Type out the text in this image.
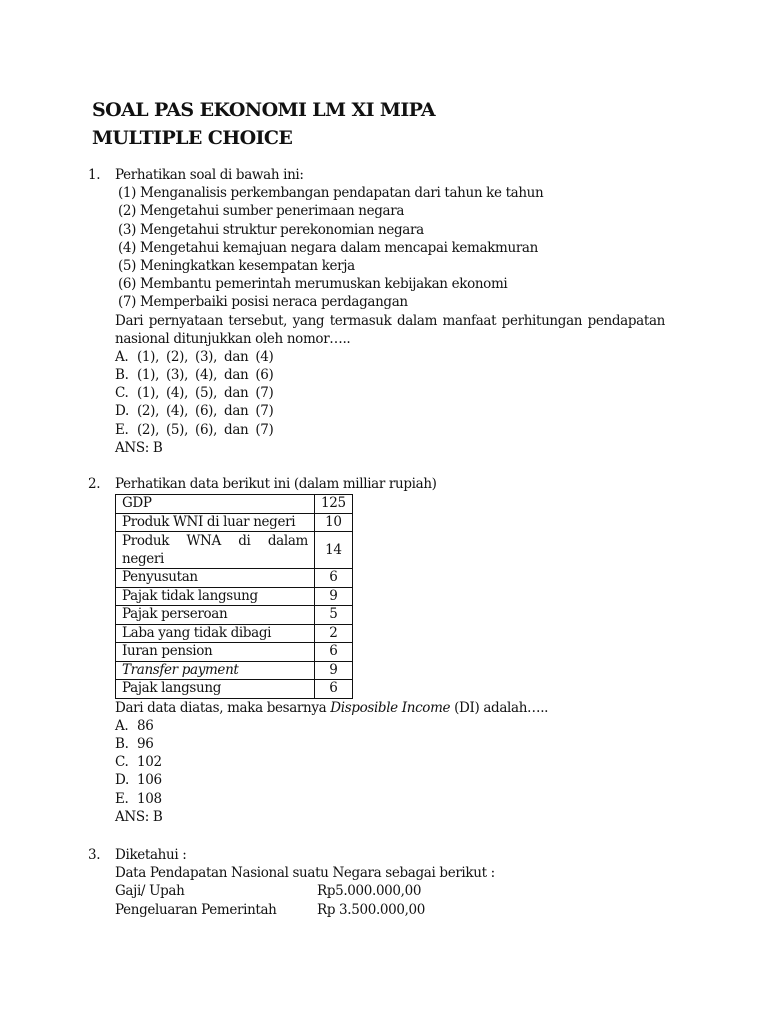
SOAL PAS EKONOMI LM XI MIPA
MULTIPLE CHOICE
1. Perhatikan soal di bawah ini:
(1) Menganalisis perkembangan pendapatan dari tahun ke tahun
(2) Mengetahui sumber penerimaan negara
(3) Mengetahui struktur perekonomian negara
(4) Mengetahui kemajuan negara dalam mencapai kemakmuran
(5) Meningkatkan kesempatan kerja
(6) Membantu pemerintah merumuskan kebijakan ekonomi
(7) Memperbaiki posisi neraca perdagangan
Dari pernyataan tersebut, yang termasuk dalam manfaat perhitungan pendapatan
nasional ditunjukkan oleh nomor…..
A. (1), (2), (3), dan (4)
B. (1), (3), (4), dan (6)
C. (1), (4), (5), dan (7)
D. (2), (4), (6), dan (7)
E. (2), (5), (6), dan (7)
ANS: B
2. Perhatikan data berikut ini (dalam milliar rupiah)
GDP	125
Produk WNI di luar negeri	10

Produk WNA di dalam
negeri	14
Penyusutan	6
Pajak tidak langsung	9
Pajak perseroan	5
Laba yang tidak dibagi	2
Iuran pension	6
Transfer payment	9
Pajak langsung	6
Dari data diatas, maka besarnya Disposible Income (DI) adalah…..
A. 86
B. 96
C. 102
D. 106
E. 108
ANS: B
3. Diketahui :
Data Pendapatan Nasional suatu Negara sebagai berikut :
Gaji/ Upah	Rp5.000.000,00
Pengeluaran Pemerintah	Rp 3.500.000,00
